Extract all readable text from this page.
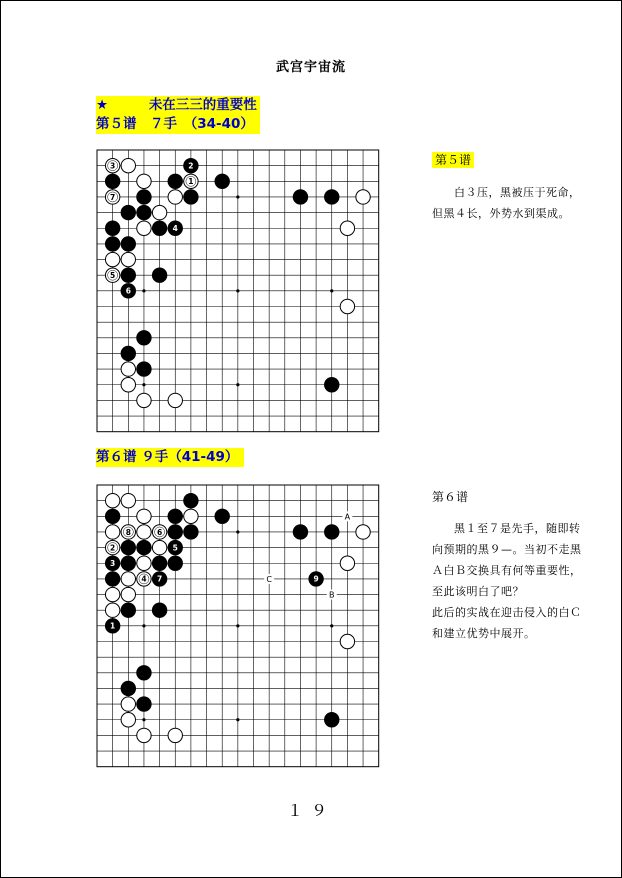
武宫宇宙流
★	未在三三的重要性
第５谱　７手　（34-40）
3	2
1
7
4
5
6
第５谱

白３压，黑被压于死命，但黑４长，外势水到渠成。

第６谱 ９手（41-49）
A
C
B
8	6
2	5
3
4 7	9
1
第６谱

黑１至７是先手，随即转向预期的黑９—。当初不走黑Ａ白Ｂ交换具有何等重要性，至此该明白了吧？

此后的实战在迎击侵入的白Ｃ和建立优势中展开。

１９
